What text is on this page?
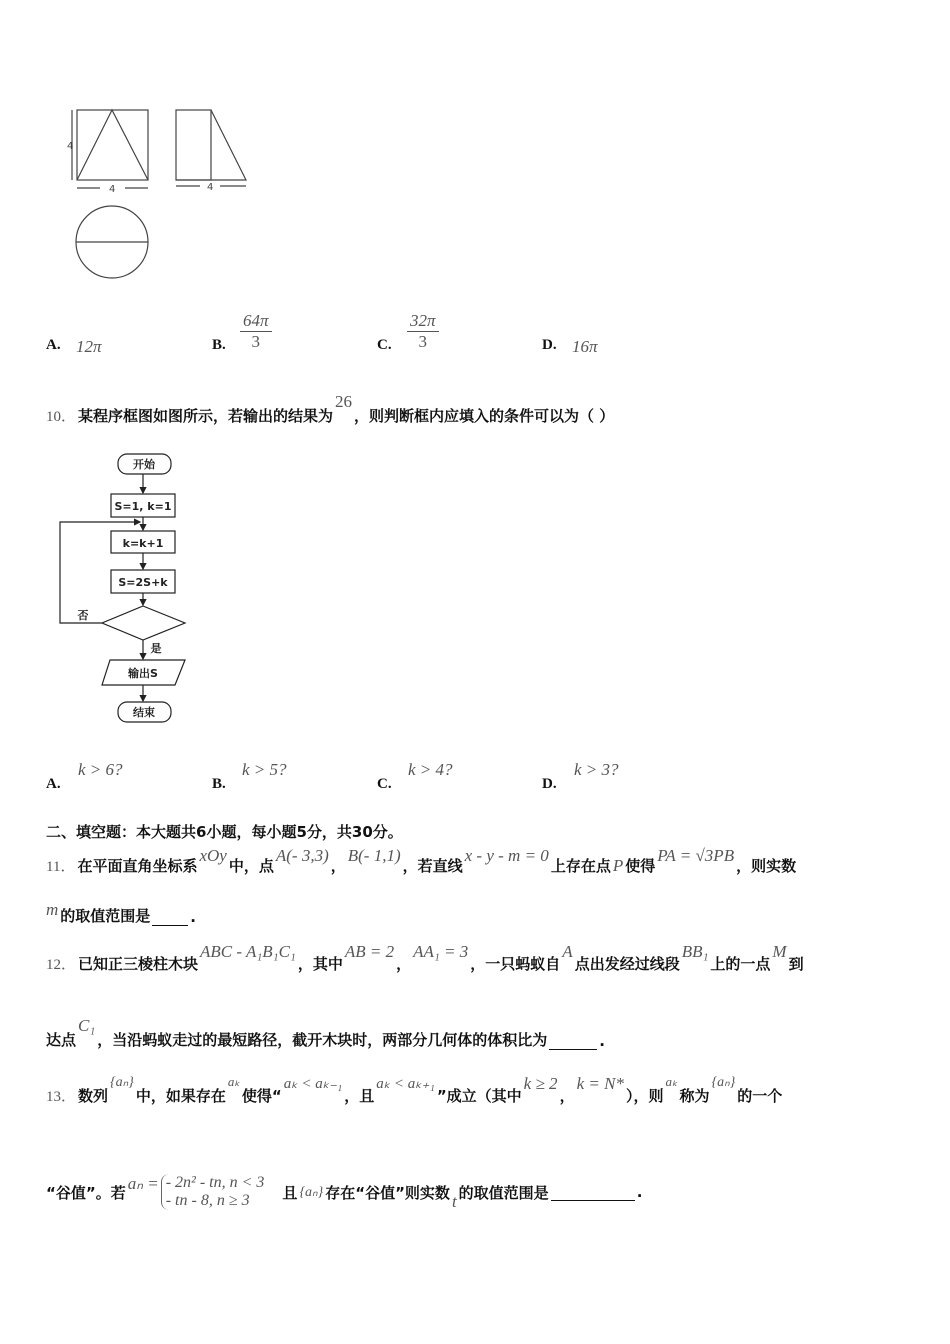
4
4	4
A. 12π	B. $\frac{64\pi}{3}$	C. $\frac{32\pi}{3}$	D. 16π
10． 某程序框图如图所示，若输出的结果为
26
，则判断框内应填入的条件可以为（ ）
开始
S=1, k=1
k=k+1
S=2S+k
否
是
输出S
结束
A.
k > 6?
B.
k > 5?
C.
k > 4?
D.
k > 3?
二、填空题：本大题共6小题，每小题5分，共30分。
11． 在平面直角坐标系
xOy
中，点
A(- 3,3)
，
B(- 1,1)
，若直线
x - y - m = 0
上存在点 P 使得
PA = √3PB
，则实数
m 的取值范围是	.
12． 已知正三棱柱木块
ABC - A₁B₁C₁
，其中
AB = 2
，
AA₁ = 3
，一只蚂蚁自
A
点出发经过线段
BB₁
上的一点
M
到
达点
C₁
，当沿蚂蚁走过的最短路径，截开木块时，两部分几何体的体积比为	.
13． 数列
{aₙ}
中，如果存在
aₖ
使得“
aₖ < aₖ₋₁
，且
aₖ < aₖ₊₁
”成立（其中
k ≥ 2
，
k = N*
），则
aₖ
称为
{aₙ}
的一个
“谷值”。若 aₙ = - 2n² - tn, n < 3
- tn - 8, n ≥ 3	且 {aₙ} 存在“谷值”则实数 t 的取值范围是	.
